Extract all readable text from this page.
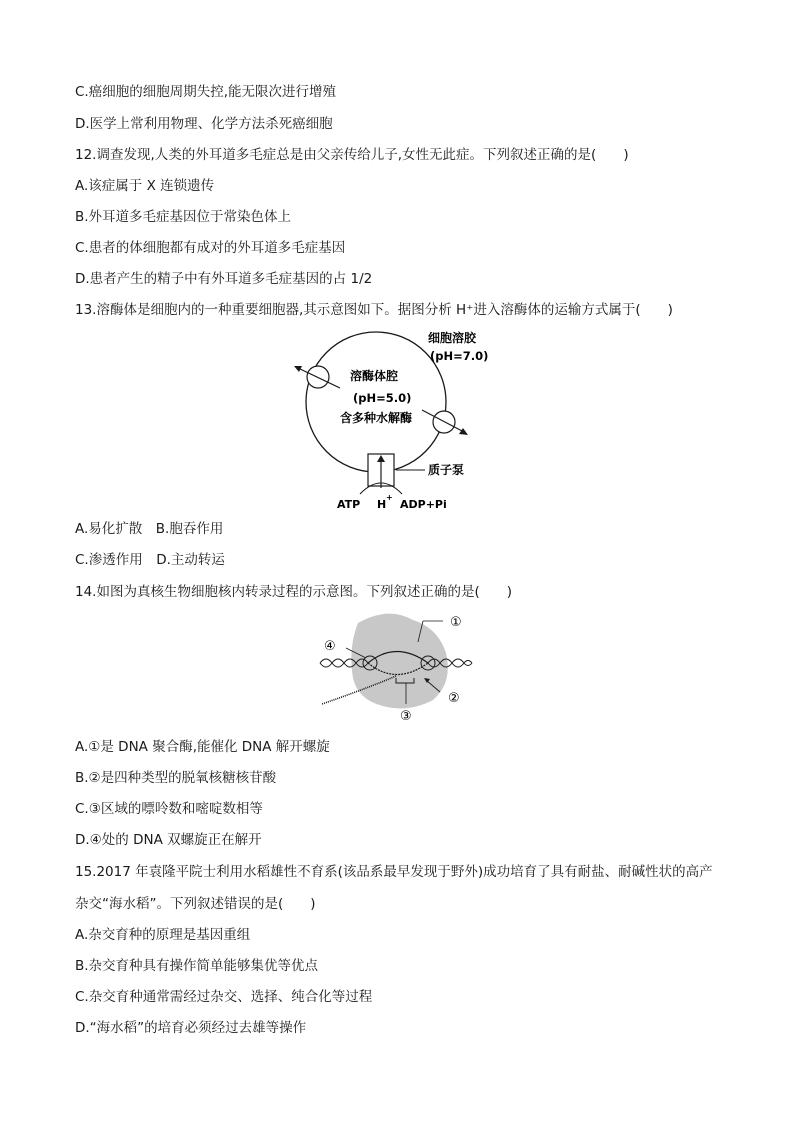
C.癌细胞的细胞周期失控,能无限次进行增殖
D.医学上常利用物理、化学方法杀死癌细胞
12.调查发现,人类的外耳道多毛症总是由父亲传给儿子,女性无此症。下列叙述正确的是(　　)
A.该症属于 X 连锁遗传
B.外耳道多毛症基因位于常染色体上
C.患者的体细胞都有成对的外耳道多毛症基因
D.患者产生的精子中有外耳道多毛症基因的占 1/2
13.溶酶体是细胞内的一种重要细胞器,其示意图如下。据图分析 H⁺进入溶酶体的运输方式属于(　　)
细胞溶胶
(pH=7.0)
溶酶体腔
(pH=5.0)
含多种水解酶
质子泵
ATP H
+
ADP+Pi
A.易化扩散　B.胞吞作用
C.渗透作用　D.主动转运
14.如图为真核生物细胞核内转录过程的示意图。下列叙述正确的是(　　)
①
②
③
④
A.①是 DNA 聚合酶,能催化 DNA 解开螺旋
B.②是四种类型的脱氧核糖核苷酸
C.③区域的嘌呤数和嘧啶数相等
D.④处的 DNA 双螺旋正在解开
15.2017 年袁隆平院士利用水稻雄性不育系(该品系最早发现于野外)成功培育了具有耐盐、耐碱性状的高产
杂交“海水稻”。下列叙述错误的是(　　)
A.杂交育种的原理是基因重组
B.杂交育种具有操作简单能够集优等优点
C.杂交育种通常需经过杂交、选择、纯合化等过程
D.“海水稻”的培育必须经过去雄等操作
